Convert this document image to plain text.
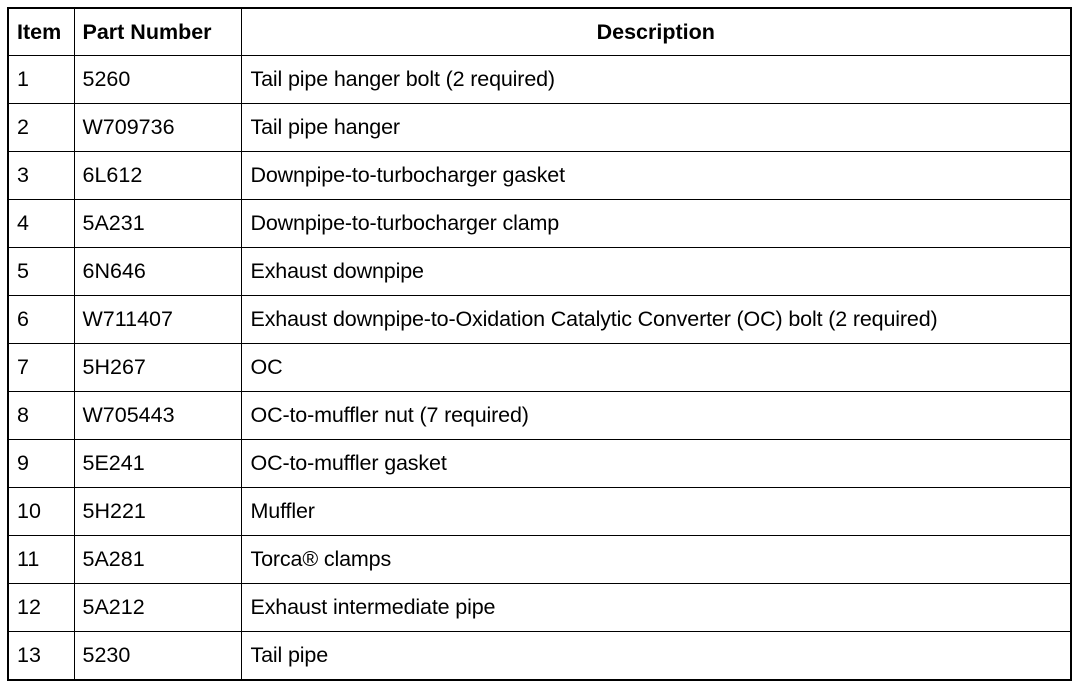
Item	Part Number	Description
1	5260	Tail pipe hanger bolt (2 required)
2	W709736	Tail pipe hanger
3	6L612	Downpipe-to-turbocharger gasket
4	5A231	Downpipe-to-turbocharger clamp
5	6N646	Exhaust downpipe
6	W711407	Exhaust downpipe-to-Oxidation Catalytic Converter (OC) bolt (2 required)
7	5H267	OC
8	W705443	OC-to-muffler nut (7 required)
9	5E241	OC-to-muffler gasket
10	5H221	Muffler
11	5A281	Torca® clamps
12	5A212	Exhaust intermediate pipe
13	5230	Tail pipe
